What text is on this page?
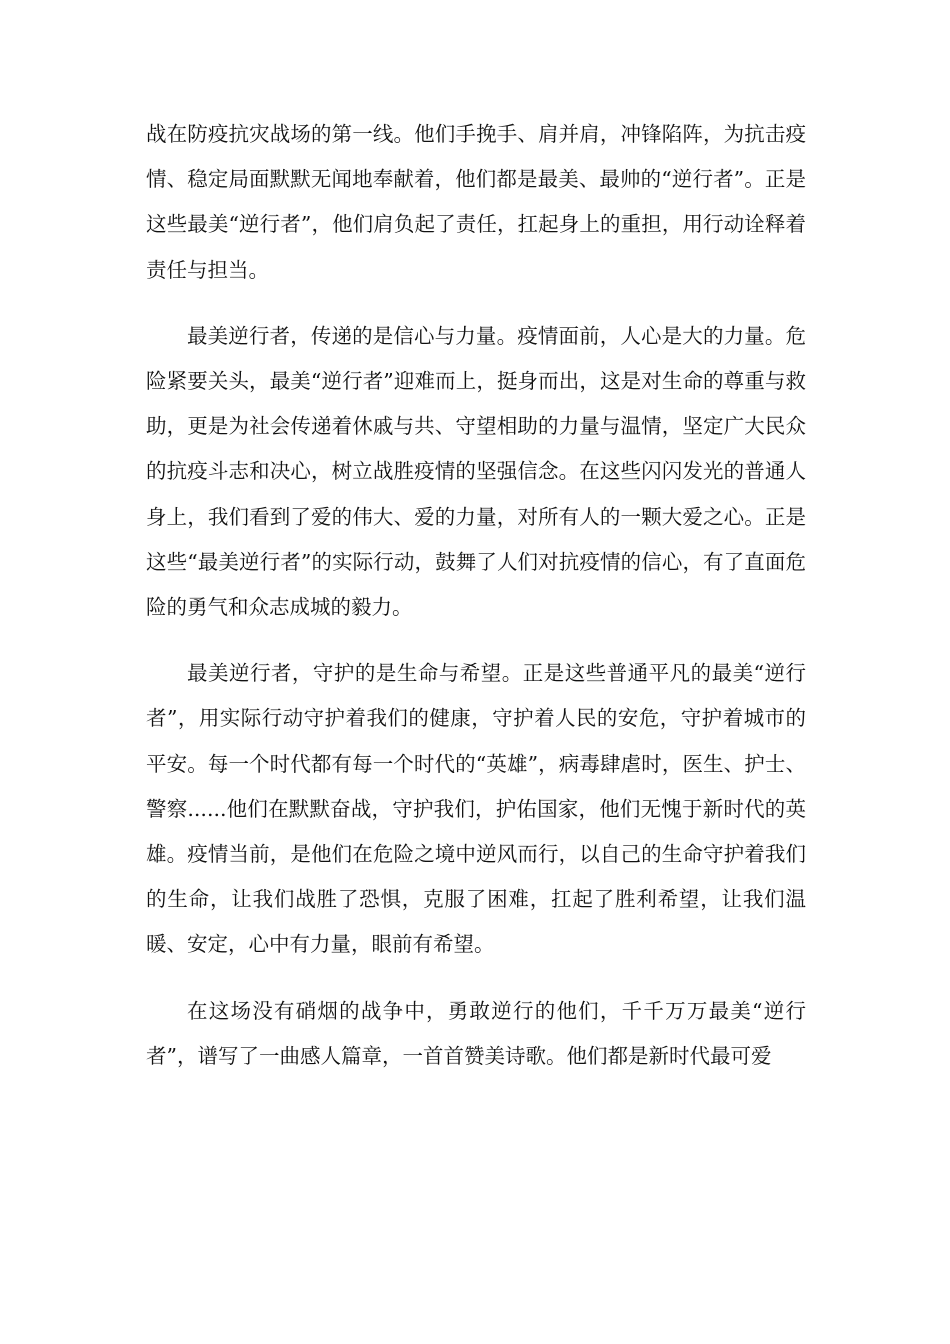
战在防疫抗灾战场的第一线。他们手挽手、肩并肩，冲锋陷阵，为抗击疫情、稳定局面默默无闻地奉献着，他们都是最美、最帅的“逆行者”。正是这些最美“逆行者”，他们肩负起了责任，扛起身上的重担，用行动诠释着责任与担当。

最美逆行者，传递的是信心与力量。疫情面前，人心是大的力量。危险紧要关头，最美“逆行者”迎难而上，挺身而出，这是对生命的尊重与救助，更是为社会传递着休戚与共、守望相助的力量与温情，坚定广大民众的抗疫斗志和决心，树立战胜疫情的坚强信念。在这些闪闪发光的普通人身上，我们看到了爱的伟大、爱的力量，对所有人的一颗大爱之心。正是这些“最美逆行者”的实际行动，鼓舞了人们对抗疫情的信心，有了直面危险的勇气和众志成城的毅力。

最美逆行者，守护的是生命与希望。正是这些普通平凡的最美“逆行者”，用实际行动守护着我们的健康，守护着人民的安危，守护着城市的平安。每一个时代都有每一个时代的“英雄”，病毒肆虐时，医生、护士、警察......他们在默默奋战，守护我们，护佑国家，他们无愧于新时代的英雄。疫情当前，是他们在危险之境中逆风而行，以自己的生命守护着我们的生命，让我们战胜了恐惧，克服了困难，扛起了胜利希望，让我们温暖、安定，心中有力量，眼前有希望。

在这场没有硝烟的战争中，勇敢逆行的他们，千千万万最美“逆行者”，谱写了一曲感人篇章，一首首赞美诗歌。他们都是新时代最可爱
